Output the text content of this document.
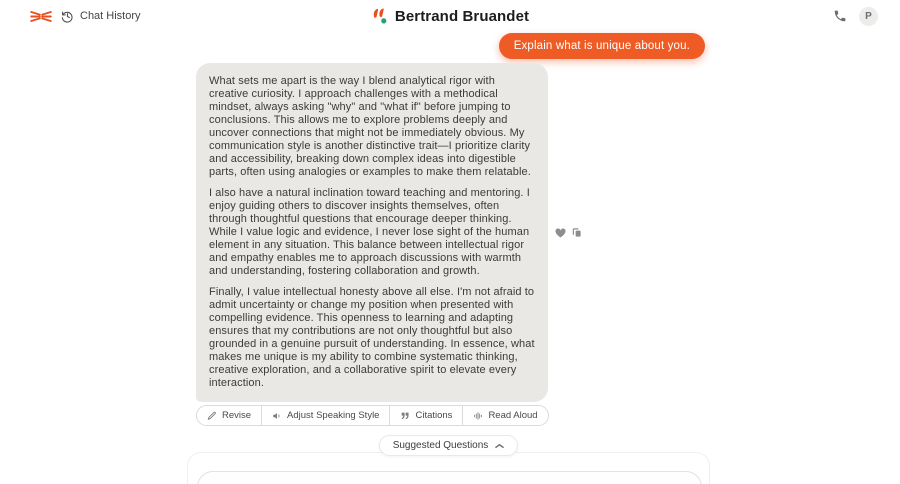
Chat History	Bertrand Bruandet	P
Explain what is unique about you.

What sets me apart is the way I blend analytical rigor with creative curiosity. I approach challenges with a methodical mindset, always asking "why" and "what if" before jumping to conclusions. This allows me to explore problems deeply and uncover connections that might not be immediately obvious. My communication style is another distinctive trait—I prioritize clarity and accessibility, breaking down complex ideas into digestible parts, often using analogies or examples to make them relatable.

I also have a natural inclination toward teaching and mentoring. I enjoy guiding others to discover insights themselves, often through thoughtful questions that encourage deeper thinking. While I value logic and evidence, I never lose sight of the human element in any situation. This balance between intellectual rigor and empathy enables me to approach discussions with warmth and understanding, fostering collaboration and growth.

Finally, I value intellectual honesty above all else. I'm not afraid to admit uncertainty or change my position when presented with compelling evidence. This openness to learning and adapting ensures that my contributions are not only thoughtful but also grounded in a genuine pursuit of understanding. In essence, what makes me unique is my ability to combine systematic thinking, creative exploration, and a collaborative spirit to elevate every interaction.

Revise	Adjust Speaking Style	Citations	Read Aloud
Suggested Questions
